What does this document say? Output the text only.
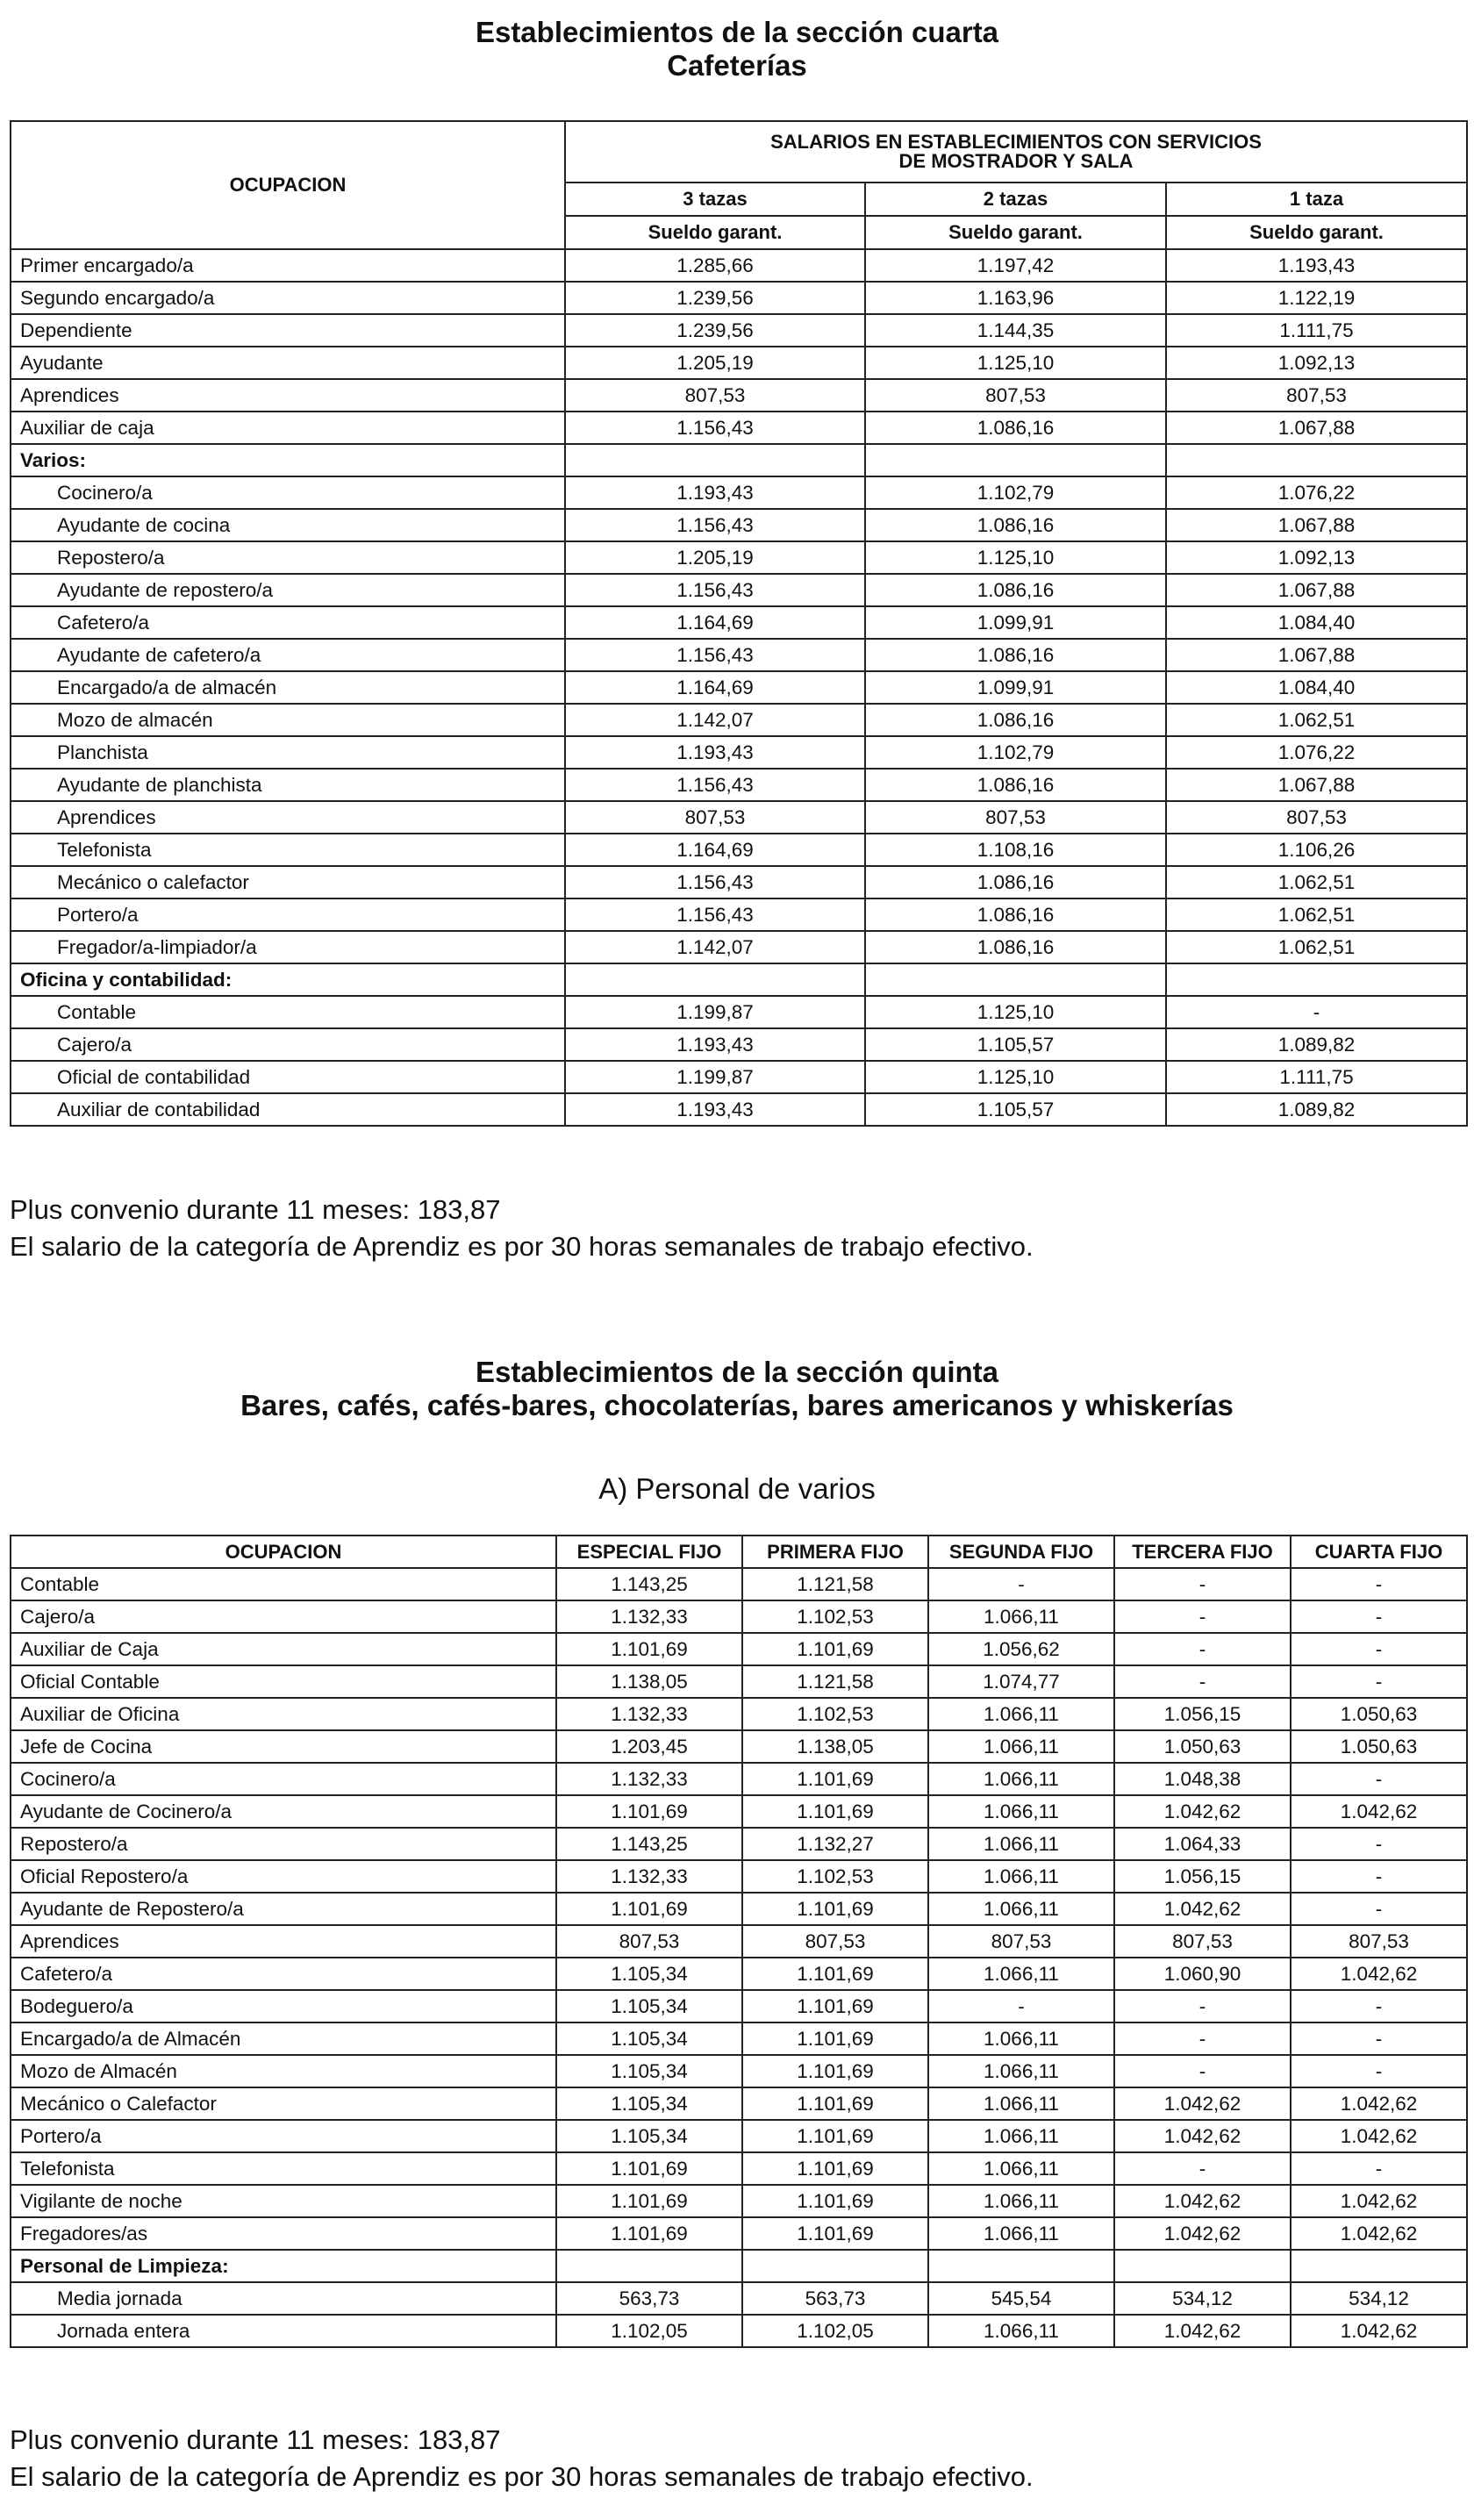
Establecimientos de la sección cuarta
Cafeterías
OCUPACION	SALARIOS EN ESTABLECIMIENTOS CON SERVICIOS
DE MOSTRADOR Y SALA		

	3 tazas	2 tazas	1 taza
	Sueldo garant.	Sueldo garant.	Sueldo garant.
Primer encargado/a	1.285,66	1.197,42	1.193,43
Segundo encargado/a	1.239,56	1.163,96	1.122,19
Dependiente	1.239,56	1.144,35	1.111,75
Ayudante	1.205,19	1.125,10	1.092,13
Aprendices	807,53	807,53	807,53
Auxiliar de caja	1.156,43	1.086,16	1.067,88
Varios:			
Cocinero/a	1.193,43	1.102,79	1.076,22
Ayudante de cocina	1.156,43	1.086,16	1.067,88
Repostero/a	1.205,19	1.125,10	1.092,13
Ayudante de repostero/a	1.156,43	1.086,16	1.067,88
Cafetero/a	1.164,69	1.099,91	1.084,40
Ayudante de cafetero/a	1.156,43	1.086,16	1.067,88
Encargado/a de almacén	1.164,69	1.099,91	1.084,40
Mozo de almacén	1.142,07	1.086,16	1.062,51
Planchista	1.193,43	1.102,79	1.076,22
Ayudante de planchista	1.156,43	1.086,16	1.067,88
Aprendices	807,53	807,53	807,53
Telefonista	1.164,69	1.108,16	1.106,26
Mecánico o calefactor	1.156,43	1.086,16	1.062,51
Portero/a	1.156,43	1.086,16	1.062,51
Fregador/a-limpiador/a	1.142,07	1.086,16	1.062,51
Oficina y contabilidad:			
Contable	1.199,87	1.125,10	-
Cajero/a	1.193,43	1.105,57	1.089,82
Oficial de contabilidad	1.199,87	1.125,10	1.111,75
Auxiliar de contabilidad	1.193,43	1.105,57	1.089,82
Plus convenio durante 11 meses: 183,87
El salario de la categoría de Aprendiz es por 30 horas semanales de trabajo efectivo.
Establecimientos de la sección quinta
Bares, cafés, cafés-bares, chocolaterías, bares americanos y whiskerías
A) Personal de varios
OCUPACION	ESPECIAL FIJO	PRIMERA FIJO	SEGUNDA FIJO	TERCERA FIJO	CUARTA FIJO
Contable	1.143,25	1.121,58	-	-	-
Cajero/a	1.132,33	1.102,53	1.066,11	-	-
Auxiliar de Caja	1.101,69	1.101,69	1.056,62	-	-
Oficial Contable	1.138,05	1.121,58	1.074,77	-	-
Auxiliar de Oficina	1.132,33	1.102,53	1.066,11	1.056,15	1.050,63
Jefe de Cocina	1.203,45	1.138,05	1.066,11	1.050,63	1.050,63
Cocinero/a	1.132,33	1.101,69	1.066,11	1.048,38	-
Ayudante de Cocinero/a	1.101,69	1.101,69	1.066,11	1.042,62	1.042,62
Repostero/a	1.143,25	1.132,27	1.066,11	1.064,33	-
Oficial Repostero/a	1.132,33	1.102,53	1.066,11	1.056,15	-
Ayudante de Repostero/a	1.101,69	1.101,69	1.066,11	1.042,62	-
Aprendices	807,53	807,53	807,53	807,53	807,53
Cafetero/a	1.105,34	1.101,69	1.066,11	1.060,90	1.042,62
Bodeguero/a	1.105,34	1.101,69	-	-	-
Encargado/a de Almacén	1.105,34	1.101,69	1.066,11	-	-
Mozo de Almacén	1.105,34	1.101,69	1.066,11	-	-
Mecánico o Calefactor	1.105,34	1.101,69	1.066,11	1.042,62	1.042,62
Portero/a	1.105,34	1.101,69	1.066,11	1.042,62	1.042,62
Telefonista	1.101,69	1.101,69	1.066,11	-	-
Vigilante de noche	1.101,69	1.101,69	1.066,11	1.042,62	1.042,62
Fregadores/as	1.101,69	1.101,69	1.066,11	1.042,62	1.042,62
Personal de Limpieza:					
Media jornada	563,73	563,73	545,54	534,12	534,12
Jornada entera	1.102,05	1.102,05	1.066,11	1.042,62	1.042,62
Plus convenio durante 11 meses: 183,87
El salario de la categoría de Aprendiz es por 30 horas semanales de trabajo efectivo.
